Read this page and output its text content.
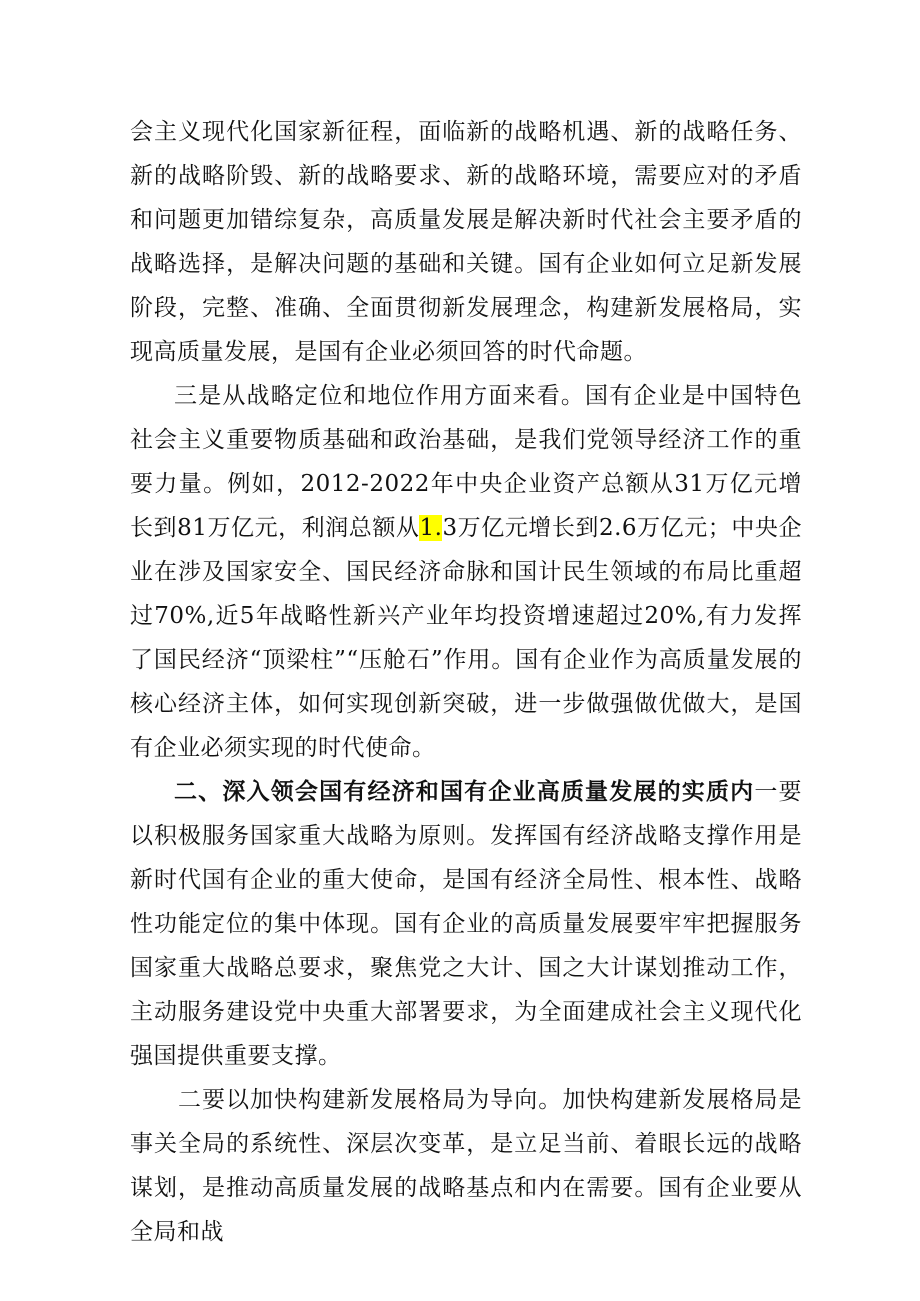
会主义现代化国家新征程，面临新的战略机遇、新的战略任务、新的战略阶毁、新的战略要求、新的战略环境，需要应对的矛盾和问题更加错综复杂，高质量发展是解决新时代社会主要矛盾的战略选择，是解决问题的基础和关键。国有企业如何立足新发展阶段，完整、准确、全面贯彻新发展理念，构建新发展格局，实现高质量发展，是国有企业必须回答的时代命题。

三是从战略定位和地位作用方面来看。国有企业是中国特色社会主义重要物质基础和政治基础，是我们党领导经济工作的重要力量。例如，2012-2022年中央企业资产总额从31万亿元增长到81万亿元，利润总额从1.3万亿元增长到2.6万亿元；中央企业在涉及国家安全、国民经济命脉和国计民生领域的布局比重超过70%,近5年战略性新兴产业年均投资增速超过20%,有力发挥了国民经济“顶梁柱”“压舱石”作用。国有企业作为高质量发展的核心经济主体，如何实现创新突破，进一步做强做优做大，是国有企业必须实现的时代使命。

二、深入领会国有经济和国有企业高质量发展的实质内一要以积极服务国家重大战略为原则。发挥国有经济战略支撑作用是新时代国有企业的重大使命，是国有经济全局性、根本性、战略性功能定位的集中体现。国有企业的高质量发展要牢牢把握服务国家重大战略总要求，聚焦党之大计、国之大计谋划推动工作，主动服务建设党中央重大部署要求，为全面建成社会主义现代化强国提供重要支撑。

二要以加快构建新发展格局为导向。加快构建新发展格局是事关全局的系统性、深层次变革，是立足当前、着眼长远的战略谋划，是推动高质量发展的战略基点和内在需要。国有企业要从全局和战
